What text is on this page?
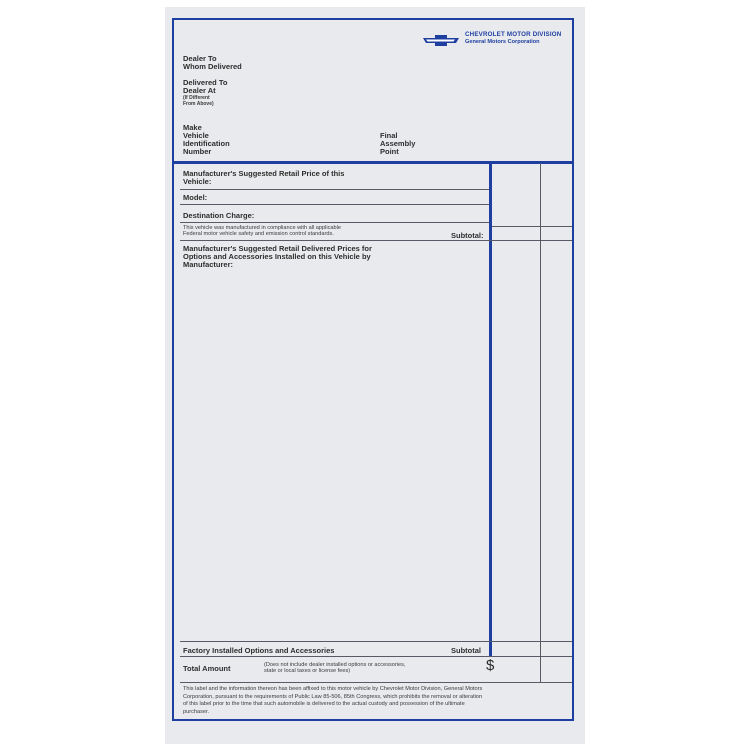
CHEVROLET MOTOR DIVISION
General Motors Corporation
Dealer To
Whom Delivered
Delivered To
Dealer At
(If Different
From Above)
Make
Vehicle
Identification
Number
Final
Assembly
Point
Manufacturer's Suggested Retail Price of this
Vehicle:
Model:
Destination Charge:
This vehicle was manufactured in compliance with all applicable
Federal motor vehicle safety and emission control standards.	Subtotal:
Manufacturer's Suggested Retail Delivered Prices for
Options and Accessories Installed on this Vehicle by
Manufacturer:
Factory Installed Options and Accessories	Subtotal
Total Amount	(Does not include dealer installed options or accessories,
state or local taxes or license fees)	$
This label and the information thereon has been affixed to this motor vehicle by Chevrolet Motor Division, General Motors
Corporation, pursuant to the requirements of Public Law 85-506, 85th Congress, which prohibits the removal or alteration
of this label prior to the time that such automobile is delivered to the actual custody and possession of the ultimate
purchaser.
